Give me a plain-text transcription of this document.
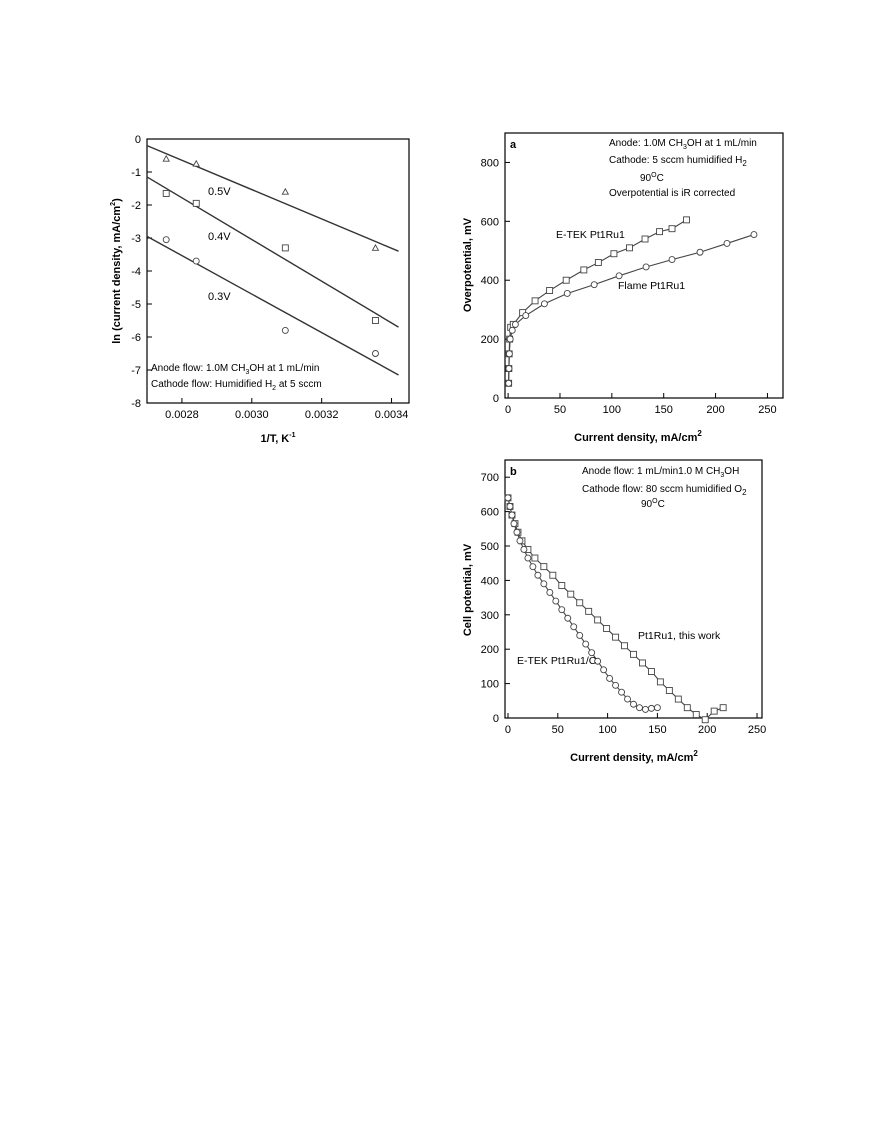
0.0028	0.0030	0.0032	0.0034
0
-1
-2
-3
-4
-5
-6
-7
-8
0.5V
0.4V
0.3V
Anode flow: 1.0M $CH_3OH$ at 1 mL/min
Cathode flow: Humidified $H_2$ at 5 sccm
1/T, $K^{-1}$
ln (current density, $mA/cm^2$)
a
0	50	100	150	200	250
0
200
400
600
800
Anode: 1.0M $CH_3OH$ at 1 mL/min
Cathode: 5 sccm humidified $H_2$
$90^OC$
Overpotential is iR corrected
E-TEK Pt1Ru1
Flame Pt1Ru1
Current density, $mA/cm^2$
Overpotential, mV
b
0	50	100	150	200	250
0
100
200
300
400
500
600
700
Anode flow: 1 mL/min1.0 M $CH_3OH$
Cathode flow: 80 sccm humidified $O_2$
$90^OC$
Pt1Ru1, this work
E-TEK Pt1Ru1/C
Current density, $mA/cm^2$
Cell potential, mV
